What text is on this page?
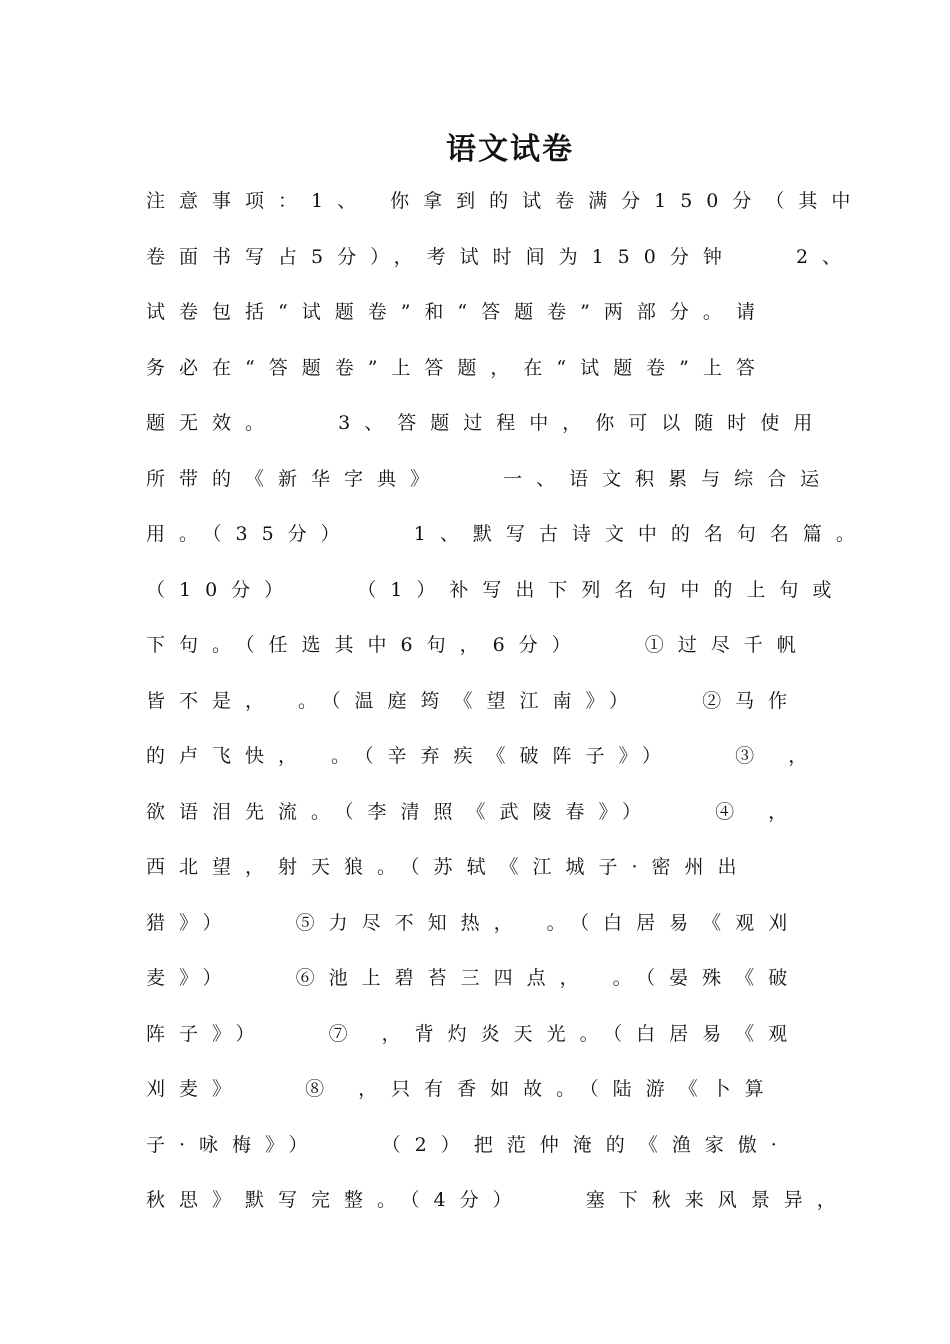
语文试卷
注意事项：1、 你拿到的试卷满分150分（其中
卷面书写占5分），考试时间为150分钟   2、
试卷包括“试题卷”和“答题卷”两部分。请
务必在“答题卷”上答题，在“试题卷”上答
题无效。   3、答题过程中，你可以随时使用
所带的《新华字典》   一、语文积累与综合运
用。（35分）   1、默写古诗文中的名句名篇。
（10分）   （1）补写出下列名句中的上句或
下句。（任选其中6句，6分）   ①过尽千帆
皆不是， 。（温庭筠《望江南》）   ②马作
的卢飞快， 。（辛弃疾《破阵子》）   ③ ，
欲语泪先流。（李清照《武陵春》）   ④ ，
西北望，射天狼。（苏轼《江城子·密州出
猎》）   ⑤力尽不知热， 。（白居易《观刈
麦》）   ⑥池上碧苔三四点， 。（晏殊《破
阵子》）   ⑦ ，背灼炎天光。（白居易《观
刈麦》   ⑧ ，只有香如故。（陆游《卜算
子·咏梅》）   （2）把范仲淹的《渔家傲·
秋思》默写完整。（4分）   塞下秋来风景异，
